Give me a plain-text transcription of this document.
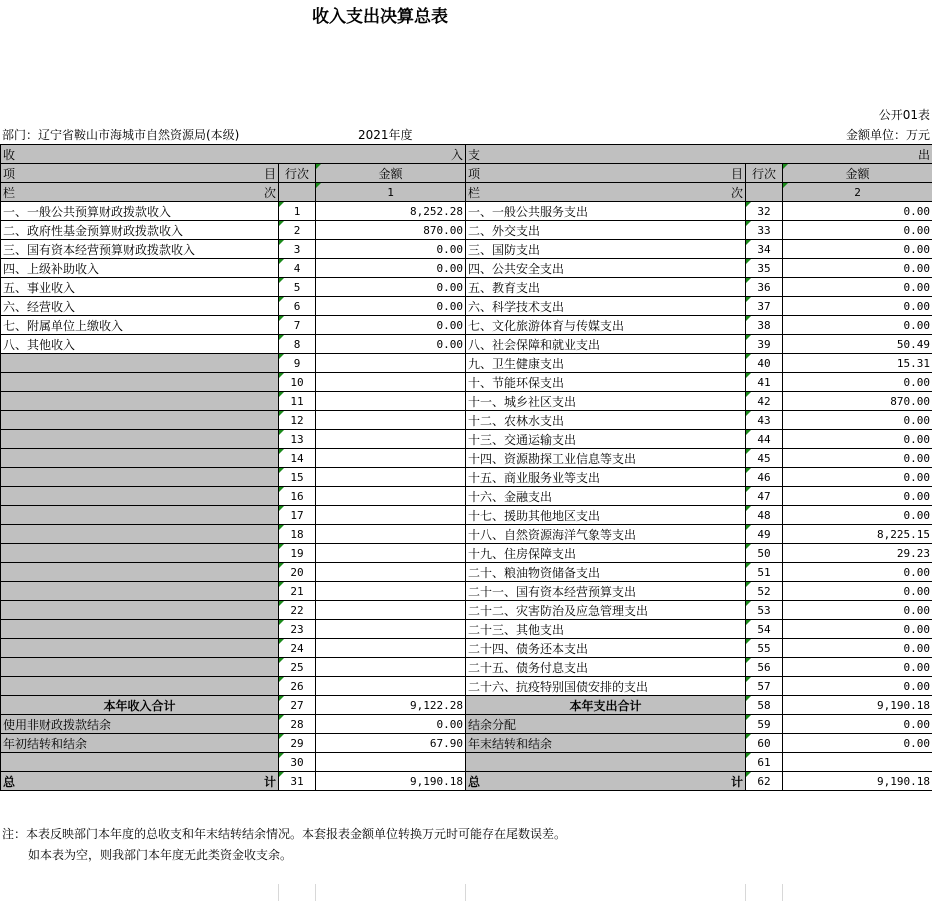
收入支出决算总表
公开01表
部门：辽宁省鞍山市海城市自然资源局(本级)	2021年度	金额单位：万元
收 入			支 出		

项 目	行次	金额	项 目	行次	金额

栏 次		1	栏 次		2
一、一般公共预算财政拨款收入	1	8,252.28	一、一般公共服务支出	32	0.00
二、政府性基金预算财政拨款收入	2	870.00	二、外交支出	33	0.00
三、国有资本经营预算财政拨款收入	3	0.00	三、国防支出	34	0.00
四、上级补助收入	4	0.00	四、公共安全支出	35	0.00
五、事业收入	5	0.00	五、教育支出	36	0.00
六、经营收入	6	0.00	六、科学技术支出	37	0.00
七、附属单位上缴收入	7	0.00	七、文化旅游体育与传媒支出	38	0.00
八、其他收入	8	0.00	八、社会保障和就业支出	39	50.49
	9		九、卫生健康支出	40	15.31
	10		十、节能环保支出	41	0.00
	11		十一、城乡社区支出	42	870.00
	12		十二、农林水支出	43	0.00
	13		十三、交通运输支出	44	0.00
	14		十四、资源勘探工业信息等支出	45	0.00
	15		十五、商业服务业等支出	46	0.00
	16		十六、金融支出	47	0.00
	17		十七、援助其他地区支出	48	0.00
	18		十八、自然资源海洋气象等支出	49	8,225.15
	19		十九、住房保障支出	50	29.23
	20		二十、粮油物资储备支出	51	0.00
	21		二十一、国有资本经营预算支出	52	0.00
	22		二十二、灾害防治及应急管理支出	53	0.00
	23		二十三、其他支出	54	0.00
	24		二十四、债务还本支出	55	0.00
	25		二十五、债务付息支出	56	0.00
	26		二十六、抗疫特别国债安排的支出	57	0.00
本年收入合计	27	9,122.28	本年支出合计	58	9,190.18
使用非财政拨款结余	28	0.00	结余分配	59	0.00
年初结转和结余	29	67.90	年末结转和结余	60	0.00
	30			61	

总 计	31	9,190.18	总 计	62	9,190.18
注：本表反映部门本年度的总收支和年末结转结余情况。本套报表金额单位转换万元时可能存在尾数误差。
如本表为空，则我部门本年度无此类资金收支余。
